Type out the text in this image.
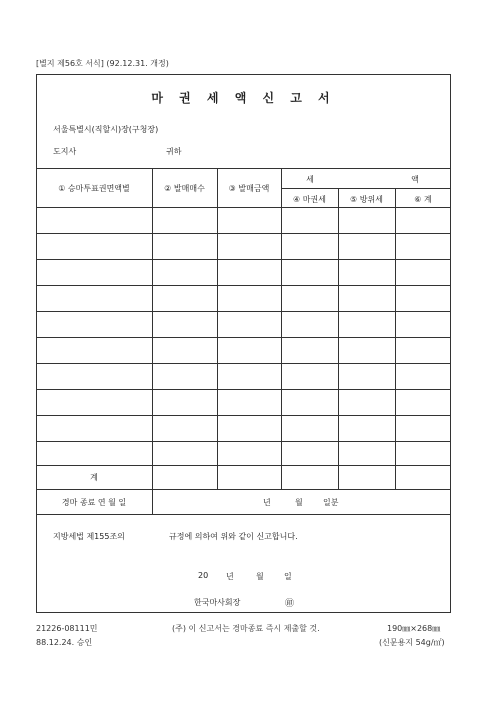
[별지 제56호 서식] (92.12.31. 개정)
마 권 세 액 신 고 서
서울특별시(직할시)장(구청장)
도지사	귀하
① 승마투표권면액별	② 발매매수	③ 발매금액
세	액
④ 마권세	⑤ 방위세	⑥ 계
계
경마 종료 연 월 일	년	월	일분
지방세법 제155조의	규정에 의하여 위와 같이 신고합니다.
20 년	월	일
한국마사회장	㊞
21226-08111민
88.12.24. 승인
(주) 이 신고서는 경마종료 즉시 제출할 것.	190㎜×268㎜
(신문용지 54g/㎡)
